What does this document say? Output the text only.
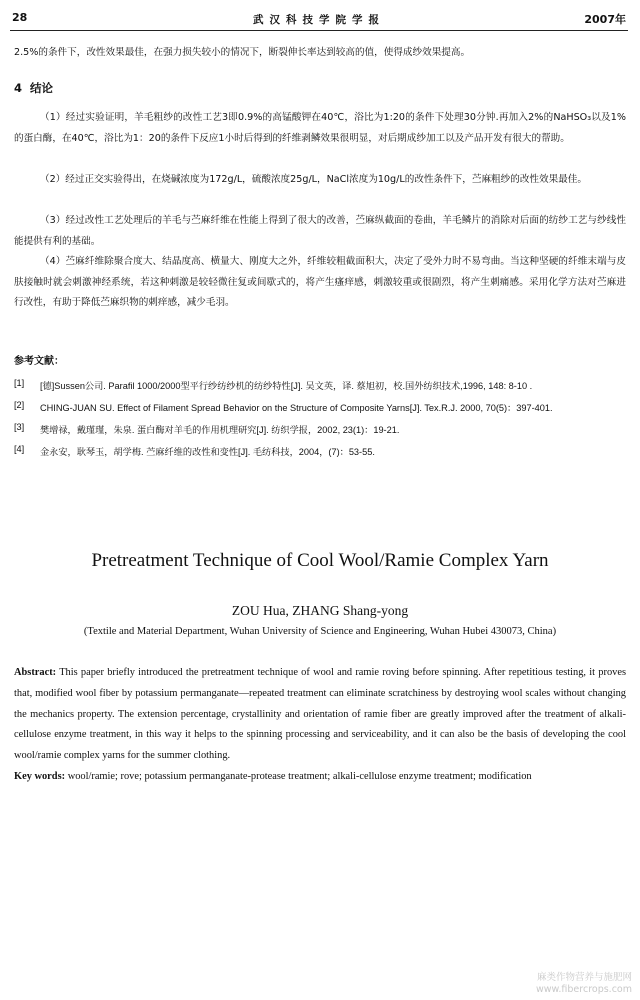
28	武汉科技学院学报	2007年

2.5%的条件下，改性效果最佳，在强力损失较小的情况下，断裂伸长率达到较高的值，使得成纱效果提高。

4 结论

（1）经过实验证明，羊毛粗纱的改性工艺3即0.9%的高锰酸钾在40℃，浴比为1:20的条件下处理30分钟.再加入2%的NaHSO₃以及1%的蛋白酶，在40℃，浴比为1：20的条件下反应1小时后得到的纤维剥鳞效果很明显，对后期成纱加工以及产品开发有很大的帮助。

（2）经过正交实验得出，在烧碱浓度为172g/L，硫酸浓度25g/L，NaCl浓度为10g/L的改性条件下，苎麻粗纱的改性效果最佳。

（3）经过改性工艺处理后的羊毛与苎麻纤维在性能上得到了很大的改善，苎麻纵截面的卷曲，羊毛鳞片的消除对后面的纺纱工艺与纱线性能提供有利的基础。

（4）苎麻纤维除聚合度大、结晶度高、横量大、刚度大之外，纤维较粗截面积大，决定了受外力时不易弯曲。当这种坚硬的纤维末端与皮肤接触时就会刺激神经系统，若这种刺激是较轻微往复或间歇式的，将产生瘙痒感，刺激较重或很剧烈，将产生刺痛感。采用化学方法对苎麻进行改性，有助于降低苎麻织物的刺痒感，减少毛羽。

参考文献：
[1] [德]Sussen公司. Parafil 1000/2000型平行纱纺纱机的纺纱特性[J]. 吴文英，译. 蔡旭初，校.国外纺织技术,1996, 148: 8-10 .
[2] CHING-JUAN SU. Effect of Filament Spread Behavior on the Structure of Composite Yarns[J]. Tex.R.J. 2000, 70(5)：397-401.
[3] 樊增禄，戴瑾瑾，朱泉. 蛋白酶对羊毛的作用机理研究[J]. 纺织学报，2002, 23(1)：19-21.
[4] 金永安，耿琴玉，胡学梅. 苎麻纤维的改性和变性[J]. 毛纺科技，2004，(7)：53-55.
Pretreatment Technique of Cool Wool/Ramie Complex Yarn
ZOU Hua, ZHANG Shang-yong
(Textile and Material Department, Wuhan University of Science and Engineering, Wuhan Hubei 430073, China)

Abstract: This paper briefly introduced the pretreatment technique of wool and ramie roving before spinning. After repetitious testing, it proves that, modified wool fiber by potassium permanganate—repeated treatment can eliminate scratchiness by destroying wool scales without changing the mechanics property. The extension percentage, crystallinity and orientation of ramie fiber are greatly improved after the treatment of alkali-cellulose enzyme treatment, in this way it helps to the spinning processing and serviceability, and it can also be the basis of developing the cool wool/ramie complex yarns for the summer clothing.

Key words: wool/ramie; rove; potassium permanganate-protease treatment; alkali-cellulose enzyme treatment; modification

麻类作物营养与施肥网
www.fibercrops.com
